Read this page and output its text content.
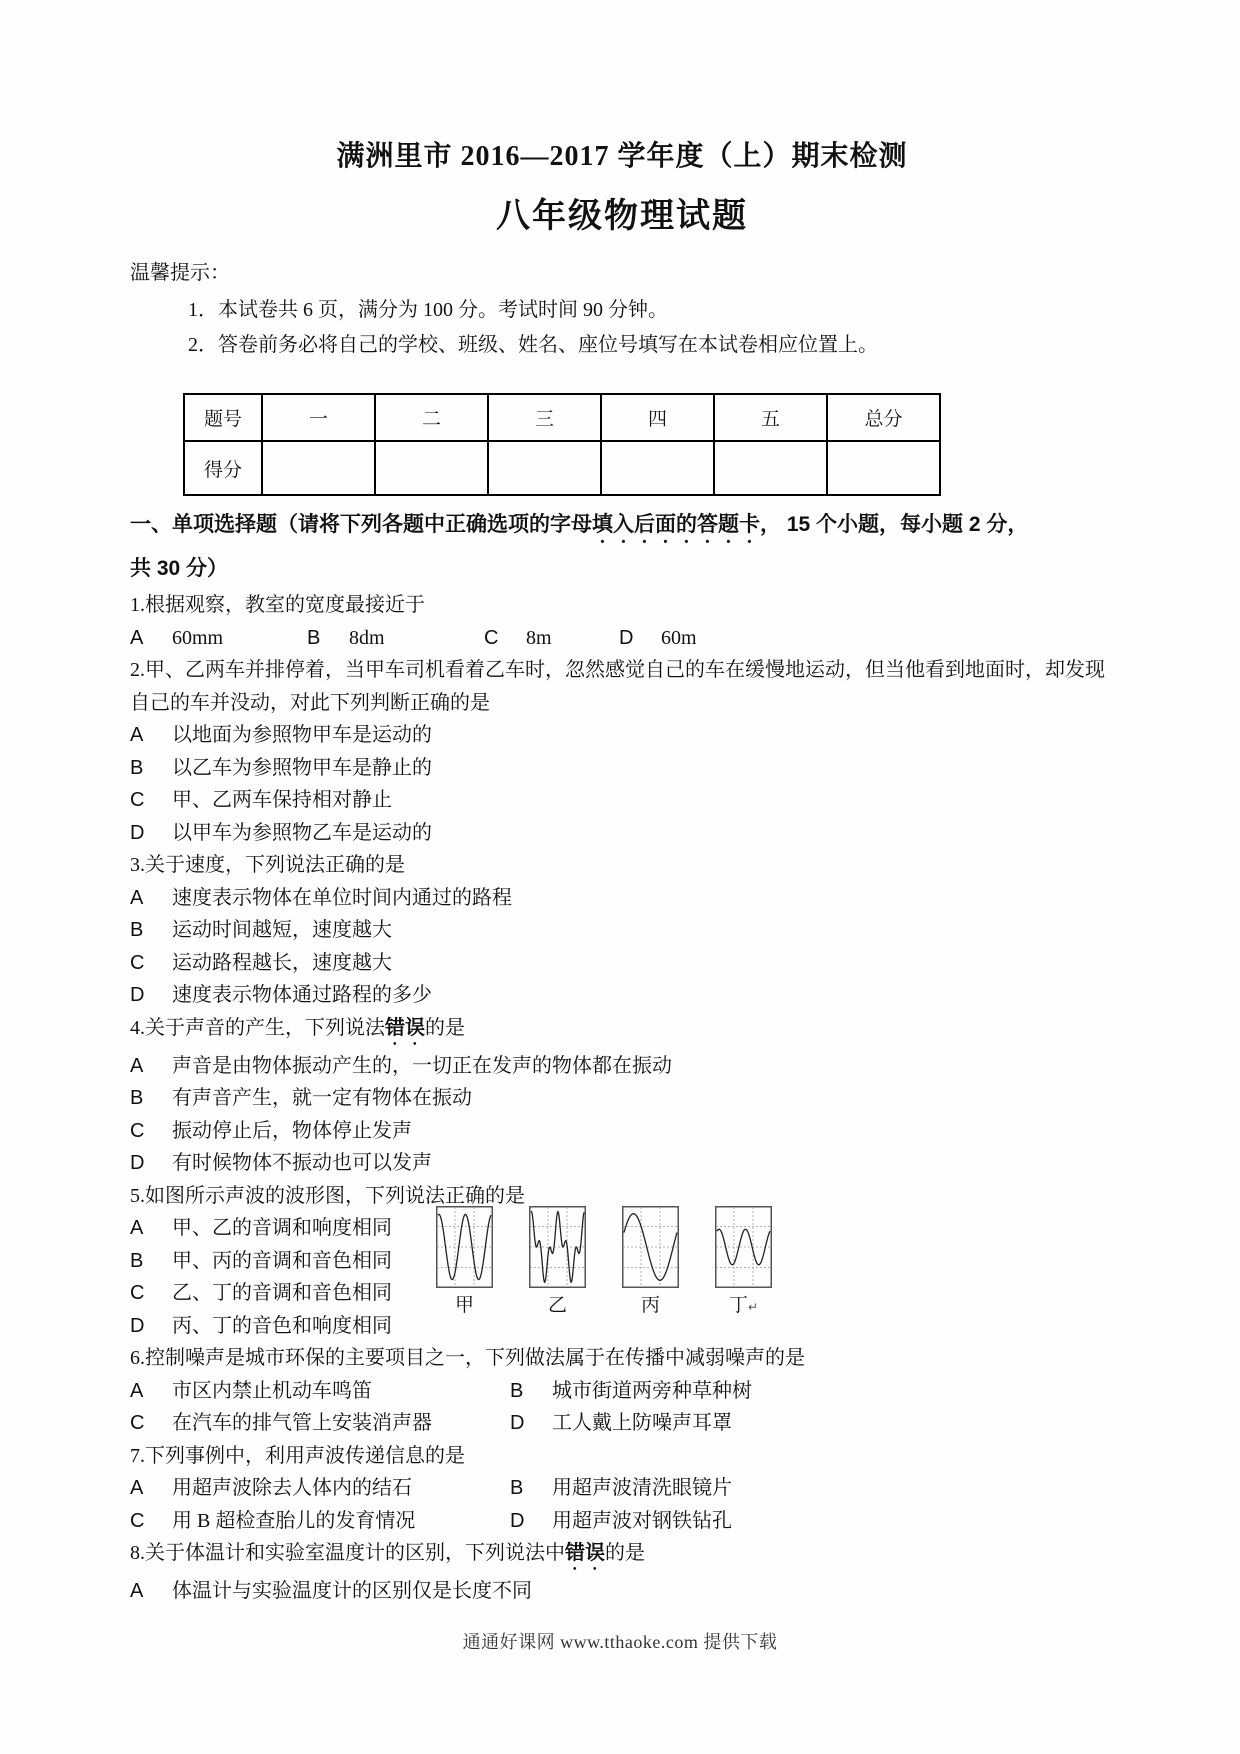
满洲里市 2016—2017 学年度（上）期末检测
八年级物理试题
温馨提示：
1．本试卷共 6 页，满分为 100 分。考试时间 90 分钟。
2．答卷前务必将自己的学校、班级、姓名、座位号填写在本试卷相应位置上。
题号	一	二	三	四	五	总分
得分						
一、单项选择题（请将下列各题中正确选项的字母填入后面的答题卡， 15 个小题，每小题 2 分，
共 30 分）
1.根据观察，教室的宽度最接近于
A	60mm	B	8dm	C	8m	D	60m
2.甲、乙两车并排停着，当甲车司机看着乙车时，忽然感觉自己的车在缓慢地运动，但当他看到地面时，却发现自己的车并没动，对此下列判断正确的是
A	以地面为参照物甲车是运动的
B	以乙车为参照物甲车是静止的
C	甲、乙两车保持相对静止
D	以甲车为参照物乙车是运动的
3.关于速度，下列说法正确的是
A	速度表示物体在单位时间内通过的路程
B	运动时间越短，速度越大
C	运动路程越长，速度越大
D	速度表示物体通过路程的多少
4.关于声音的产生，下列说法错误的是
A	声音是由物体振动产生的，一切正在发声的物体都在振动
B	有声音产生，就一定有物体在振动
C	振动停止后，物体停止发声
D	有时候物体不振动也可以发声
5.如图所示声波的波形图，下列说法正确的是
A	甲、乙的音调和响度相同
B	甲、丙的音调和音色相同
C	乙、丁的音调和音色相同
D	丙、丁的音色和响度相同
甲	乙	丙	丁↵
6.控制噪声是城市环保的主要项目之一，下列做法属于在传播中减弱噪声的是
A	市区内禁止机动车鸣笛	B	城市街道两旁种草种树
C	在汽车的排气管上安装消声器	D	工人戴上防噪声耳罩
7.下列事例中，利用声波传递信息的是
A	用超声波除去人体内的结石	B	用超声波清洗眼镜片
C	用 B 超检查胎儿的发育情况	D	用超声波对钢铁钻孔
8.关于体温计和实验室温度计的区别，下列说法中错误的是
A	体温计与实验温度计的区别仅是长度不同
通通好课网 www.tthaoke.com 提供下载
